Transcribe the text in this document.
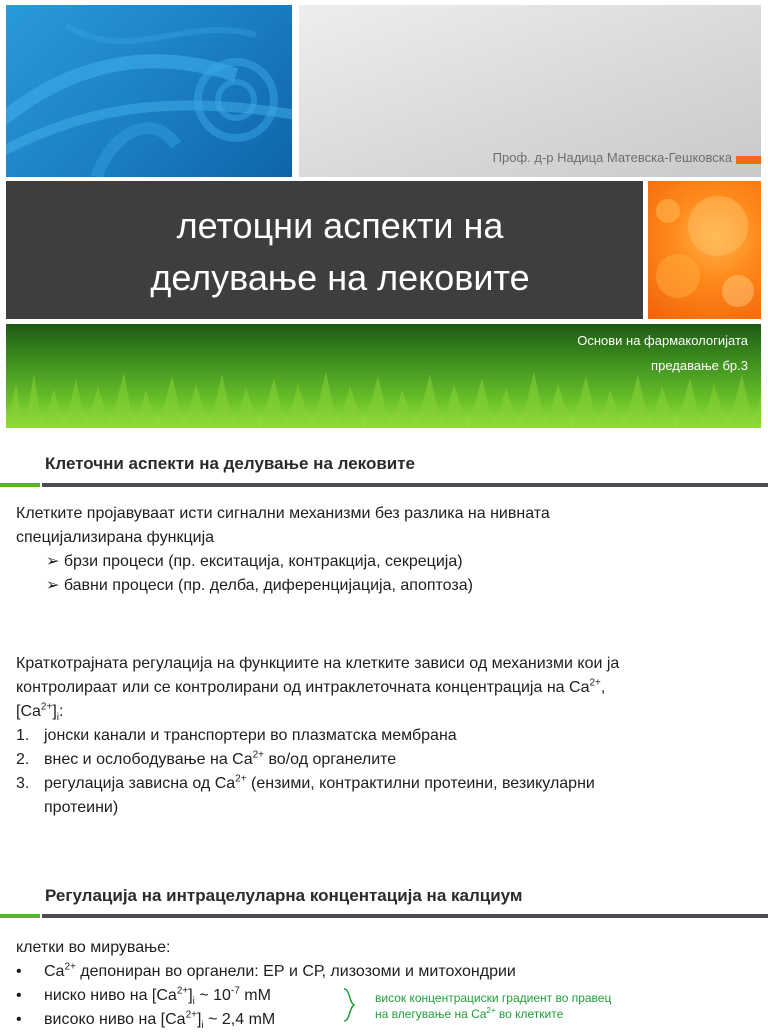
Проф. д-р Надица Матевска-Гешковска
летоцни аспекти на
делување на лековите
Основи на фармакологијата
предавање бр.3
Клеточни аспекти на делување на лековите
Клетките пројавуваат исти сигнални механизми без разлика на нивната
специјализирана функција
➢ брзи процеси (пр. екситација, контракција, секреција)
➢ бавни процеси (пр. делба, диференцијација, апоптоза)
Краткотрајната регулација на функциите на клетките зависи од механизми кои ја
контролираат или се контролирани од интраклеточната концентрација на $Ca^{2+}$,
$[Ca^{2+}]_i$:
1. јонски канали и транспортери во плазматска мембрана
2. внес и ослободување на $Ca^{2+}$ во/од органелите
3. регулација зависна од $Ca^{2+}$ (ензими, контрактилни протеини, везикуларни
протеини)
Регулација на интрацелуларна концентација на калциум
клетки во мирување:
• $Ca^{2+}$ депониран во органели: ЕР и СР, лизозоми и митохондрии
• ниско ниво на $[Ca^{2+}]_i$ ~ $10^{-7}$ mM
• високо ниво на $[Ca^{2+}]_i$ ~ 2,4 mM
висок концентрациски градиент во правец
на влегување на $Ca^{2+}$ во клетките
